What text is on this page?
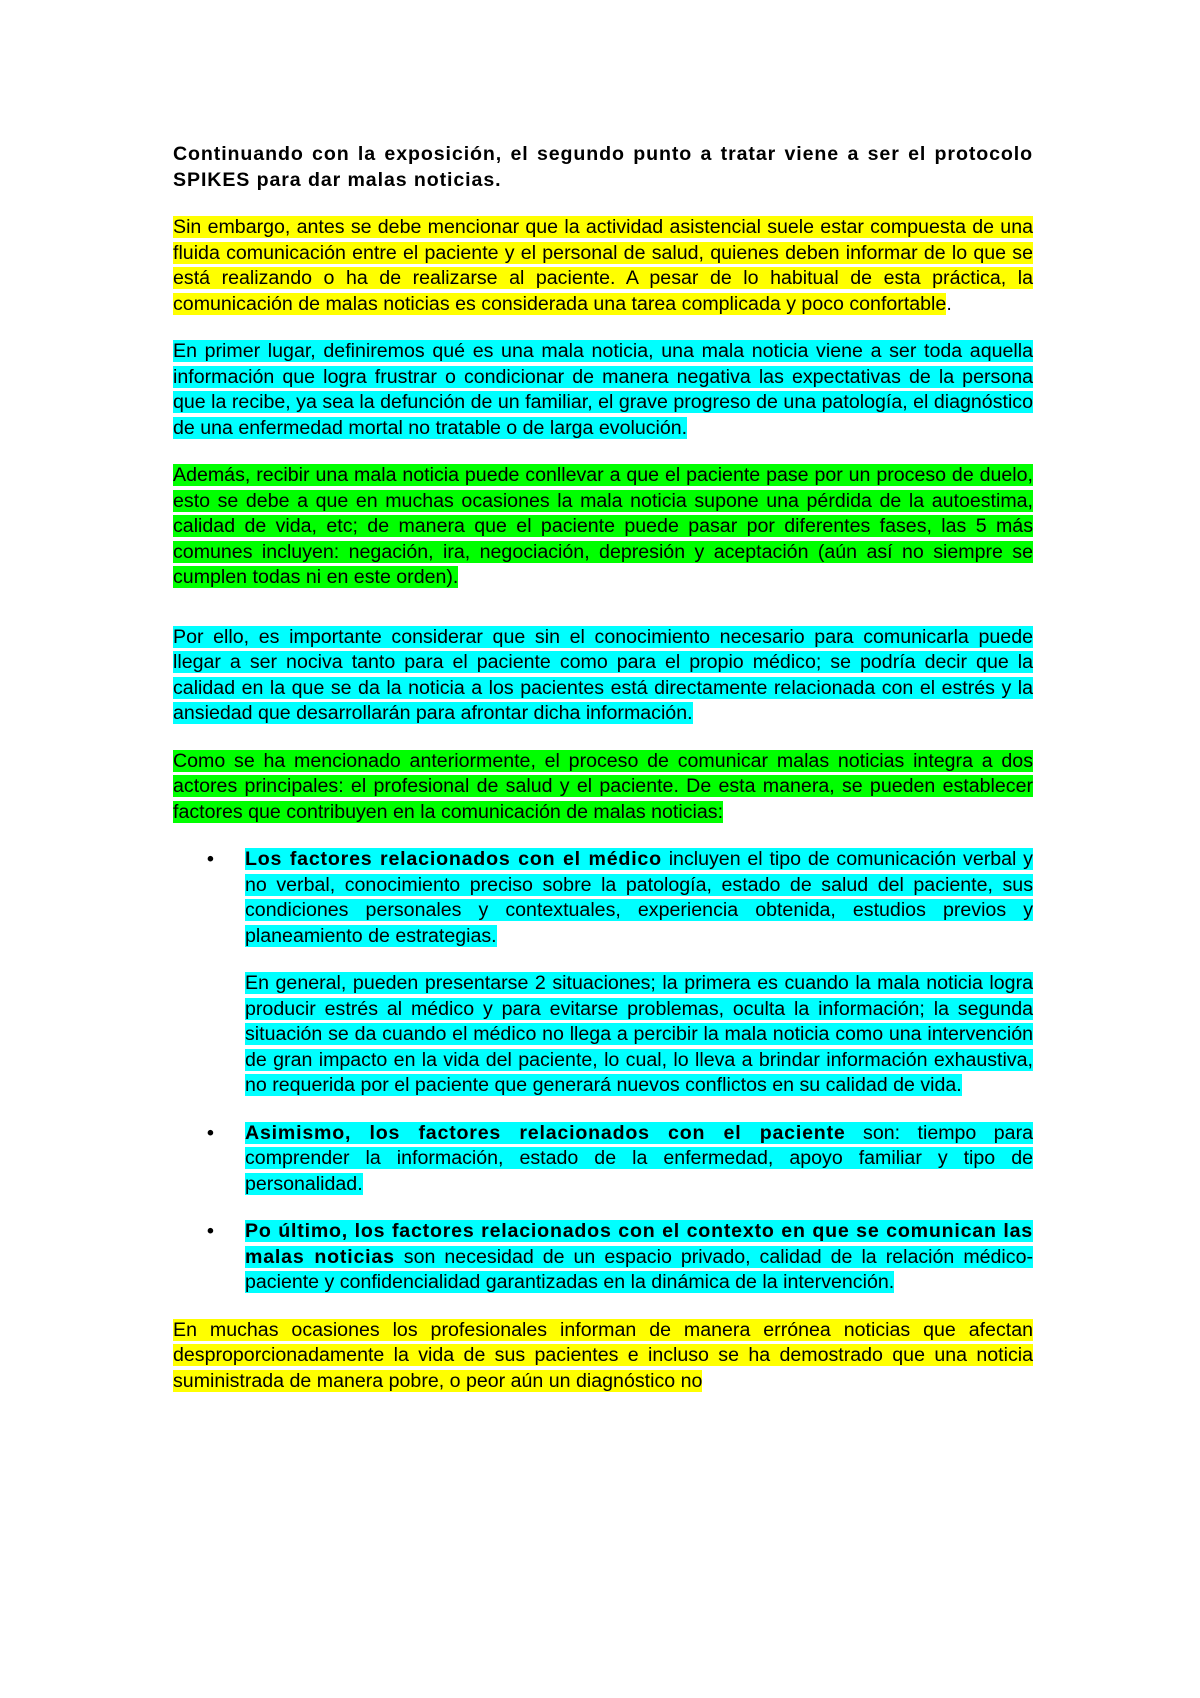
Continuando con la exposición, el segundo punto a tratar viene a ser el protocolo SPIKES para dar malas noticias.

Sin embargo, antes se debe mencionar que la actividad asistencial suele estar compuesta de una fluida comunicación entre el paciente y el personal de salud, quienes deben informar de lo que se está realizando o ha de realizarse al paciente. A pesar de lo habitual de esta práctica, la comunicación de malas noticias es considerada una tarea complicada y poco confortable.

En primer lugar, definiremos qué es una mala noticia, una mala noticia viene a ser toda aquella información que logra frustrar o condicionar de manera negativa las expectativas de la persona que la recibe, ya sea la defunción de un familiar, el grave progreso de una patología, el diagnóstico de una enfermedad mortal no tratable o de larga evolución.

Además, recibir una mala noticia puede conllevar a que el paciente pase por un proceso de duelo, esto se debe a que en muchas ocasiones la mala noticia supone una pérdida de la autoestima, calidad de vida, etc; de manera que el paciente puede pasar por diferentes fases, las 5 más comunes incluyen: negación, ira, negociación, depresión y aceptación (aún así no siempre se cumplen todas ni en este orden).

Por ello, es importante considerar que sin el conocimiento necesario para comunicarla puede llegar a ser nociva tanto para el paciente como para el propio médico; se podría decir que la calidad en la que se da la noticia a los pacientes está directamente relacionada con el estrés y la ansiedad que desarrollarán para afrontar dicha información.

Como se ha mencionado anteriormente, el proceso de comunicar malas noticias integra a dos actores principales: el profesional de salud y el paciente. De esta manera, se pueden establecer factores que contribuyen en la comunicación de malas noticias:

• Los factores relacionados con el médico incluyen el tipo de comunicación verbal y no verbal, conocimiento preciso sobre la patología, estado de salud del paciente, sus condiciones personales y contextuales, experiencia obtenida, estudios previos y planeamiento de estrategias.

En general, pueden presentarse 2 situaciones; la primera es cuando la mala noticia logra producir estrés al médico y para evitarse problemas, oculta la información; la segunda situación se da cuando el médico no llega a percibir la mala noticia como una intervención de gran impacto en la vida del paciente, lo cual, lo lleva a brindar información exhaustiva, no requerida por el paciente que generará nuevos conflictos en su calidad de vida.

• Asimismo, los factores relacionados con el paciente son: tiempo para comprender la información, estado de la enfermedad, apoyo familiar y tipo de personalidad.

• Po último, los factores relacionados con el contexto en que se comunican las malas noticias son necesidad de un espacio privado, calidad de la relación médico-paciente y confidencialidad garantizadas en la dinámica de la intervención.

En muchas ocasiones los profesionales informan de manera errónea noticias que afectan desproporcionadamente la vida de sus pacientes e incluso se ha demostrado que una noticia suministrada de manera pobre, o peor aún un diagnóstico no
